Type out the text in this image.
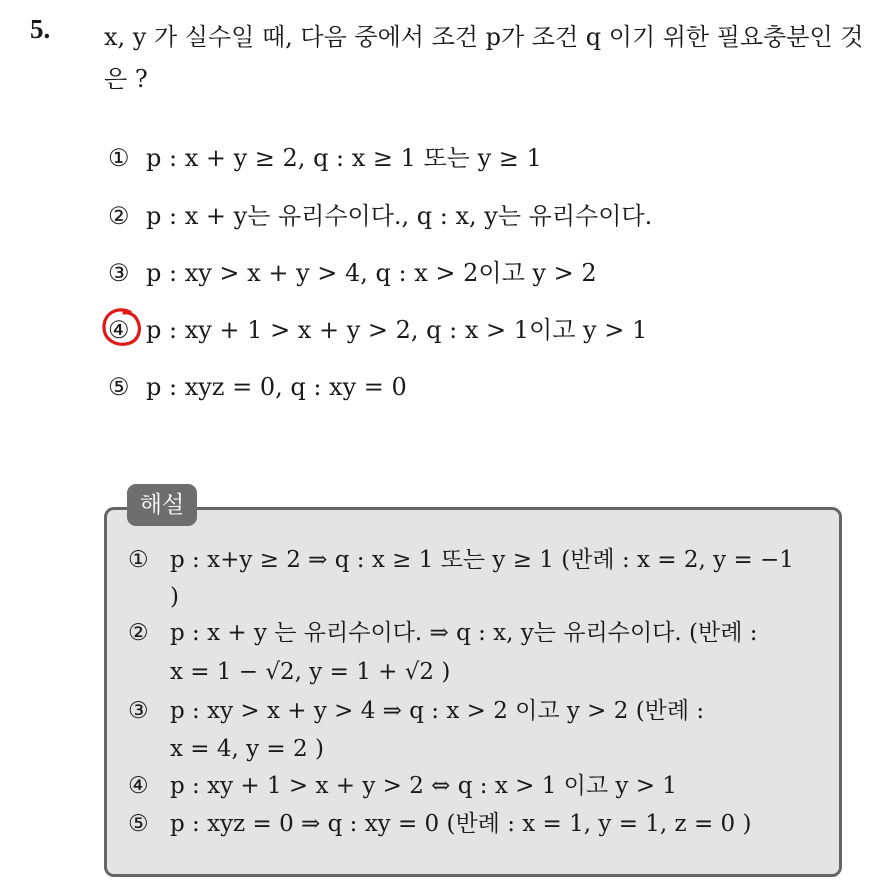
5. x, y 가 실수일 때, 다음 중에서 조건 p가 조건 q 이기 위한 필요충분인 것은 ?
① p : x + y ≥ 2, q : x ≥ 1 또는 y ≥ 1
② p : x + y는 유리수이다., q : x, y는 유리수이다.
③ p : xy > x + y > 4, q : x > 2이고 y > 2
④ p : xy + 1 > x + y > 2, q : x > 1이고 y > 1
⑤ p : xyz = 0, q : xy = 0
해설
① p : x+y ≥ 2 ⇒ q : x ≥ 1 또는 y ≥ 1 (반례 : x = 2, y = −1
)
② p : x + y 는 유리수이다. ⇒ q : x, y는 유리수이다. (반례 :
x = 1 − √2, y = 1 + √2 )
③ p : xy > x + y > 4 ⇒ q : x > 2 이고 y > 2 (반례 :
x = 4, y = 2 )
④ p : xy + 1 > x + y > 2 ⇔ q : x > 1 이고 y > 1
⑤ p : xyz = 0 ⇒ q : xy = 0 (반례 : x = 1, y = 1, z = 0 )
